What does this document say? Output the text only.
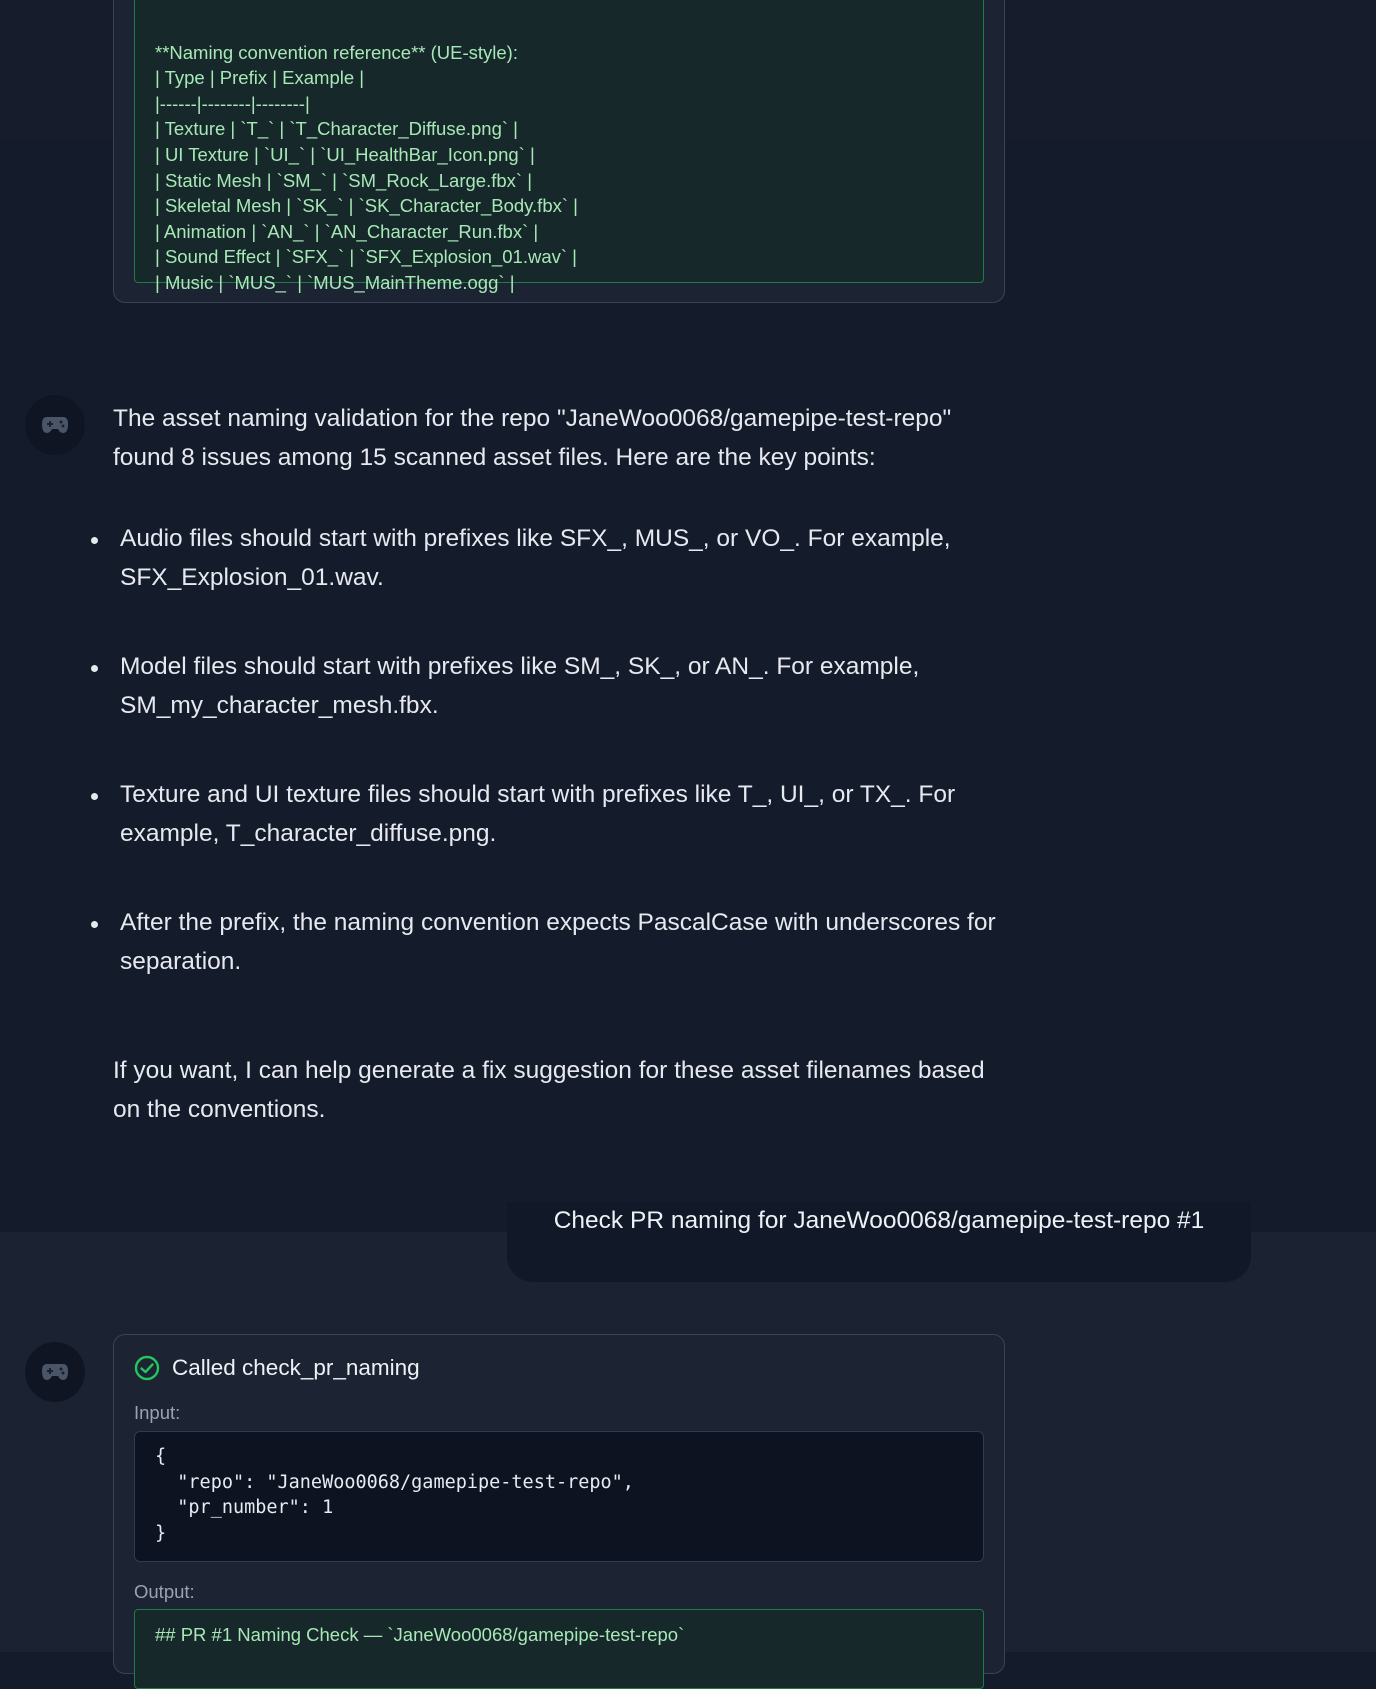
**Naming convention reference** (UE-style):
| Type | Prefix | Example |
|------|--------|--------|
| Texture | `T_` | `T_Character_Diffuse.png` |
| UI Texture | `UI_` | `UI_HealthBar_Icon.png` |
| Static Mesh | `SM_` | `SM_Rock_Large.fbx` |
| Skeletal Mesh | `SK_` | `SK_Character_Body.fbx` |
| Animation | `AN_` | `AN_Character_Run.fbx` |
| Sound Effect | `SFX_` | `SFX_Explosion_01.wav` |
| Music | `MUS_` | `MUS_MainTheme.ogg` |
The asset naming validation for the repo "JaneWoo0068/gamepipe-test-repo" found 8 issues among 15 scanned asset files. Here are the key points:
Audio files should start with prefixes like SFX_, MUS_, or VO_. For example, SFX_Explosion_01.wav.
Model files should start with prefixes like SM_, SK_, or AN_. For example, SM_my_character_mesh.fbx.
Texture and UI texture files should start with prefixes like T_, UI_, or TX_. For example, T_character_diffuse.png.
After the prefix, the naming convention expects PascalCase with underscores for separation.
If you want, I can help generate a fix suggestion for these asset filenames based on the conventions.
Check PR naming for JaneWoo0068/gamepipe-test-repo #1
Called check_pr_naming
Input:
{
"repo": "JaneWoo0068/gamepipe-test-repo",
"pr_number": 1
}
Output:
## PR #1 Naming Check — `JaneWoo0068/gamepipe-test-repo`
